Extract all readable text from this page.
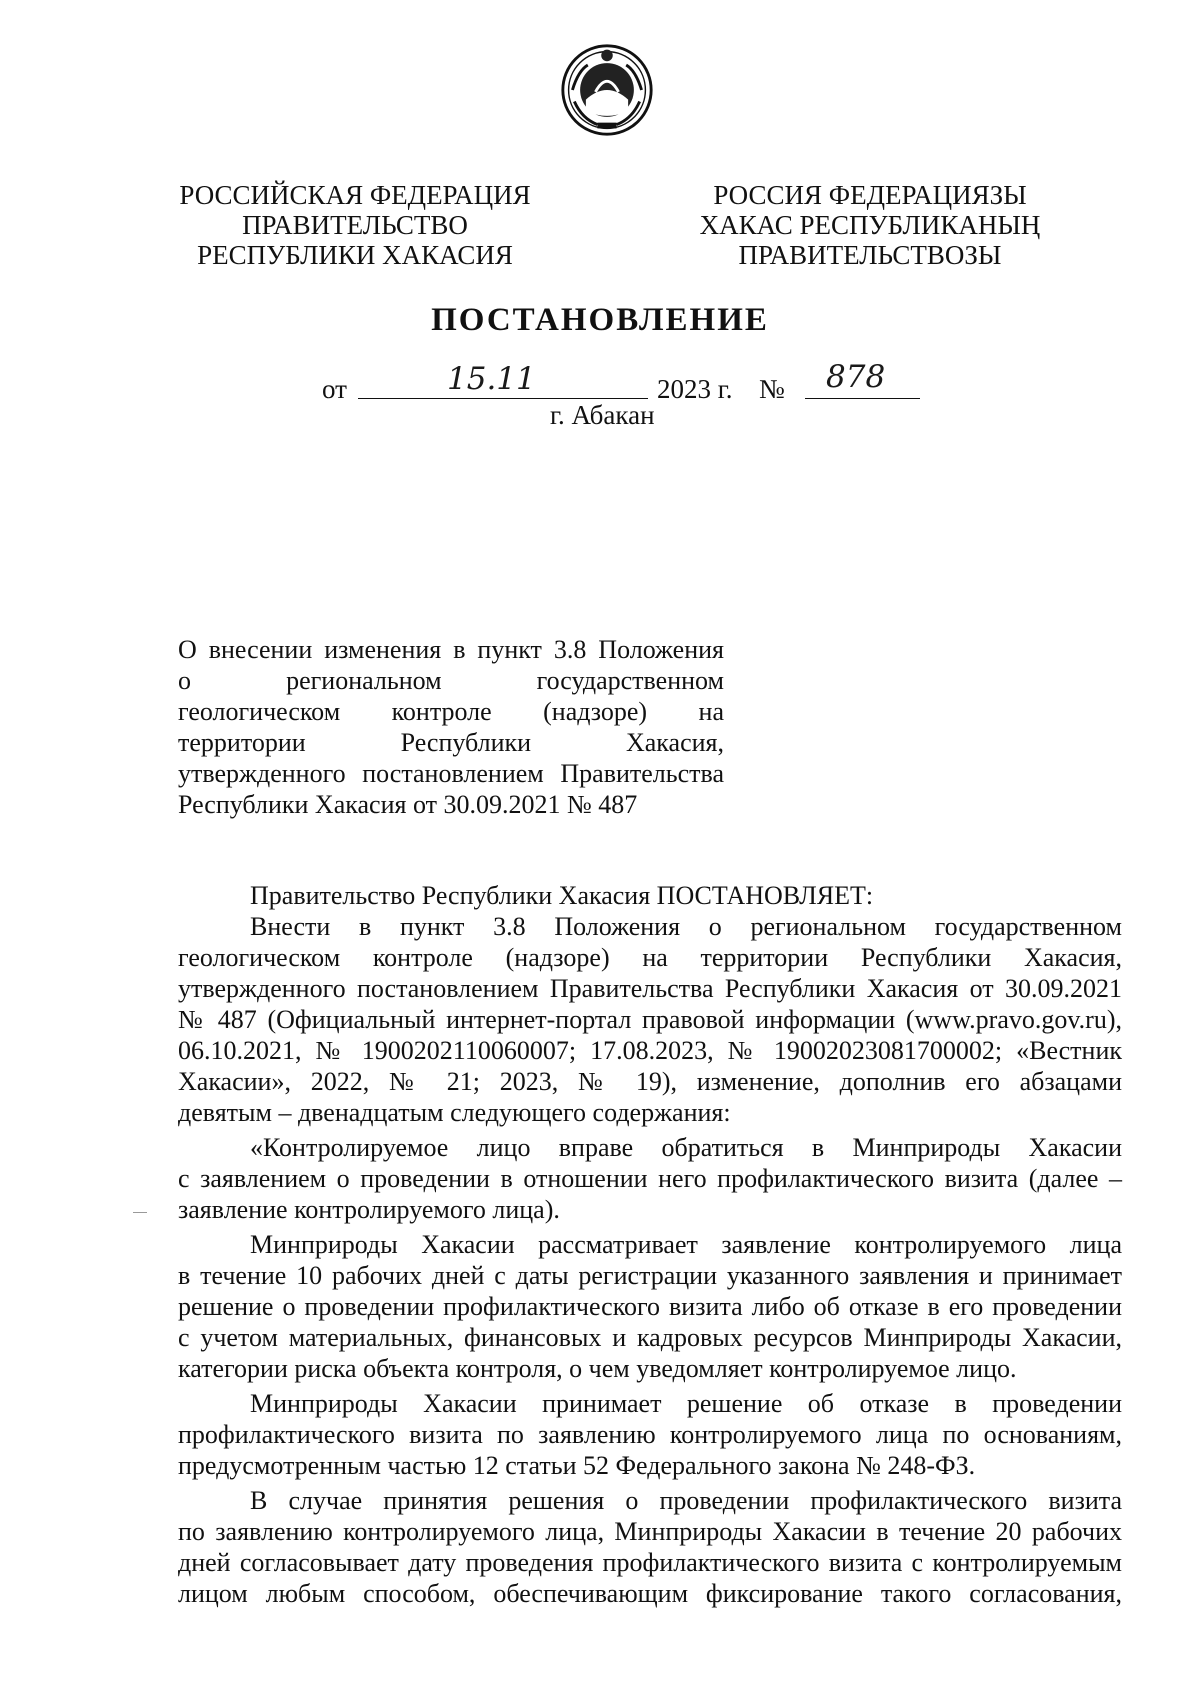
РОССИЙСКАЯ ФЕДЕРАЦИЯ
ПРАВИТЕЛЬСТВО
РЕСПУБЛИКИ ХАКАСИЯ
РОССИЯ ФЕДЕРАЦИЯЗЫ
ХАКАС РЕСПУБЛИКАНЫҢ
ПРАВИТЕЛЬСТВОЗЫ
ПОСТАНОВЛЕНИЕ
от	15.11	2023 г. № 878
г. Абакан
О внесении изменения в пункт 3.8 Положения
о региональном государственном
геологическом контроле (надзоре) на
территории Республики Хакасия,
утвержденного постановлением Правительства
Республики Хакасия от 30.09.2021 № 487

Правительство Республики Хакасия ПОСТАНОВЛЯЕТ:

Внести в пункт 3.8 Положения о региональном государственном
геологическом контроле (надзоре) на территории Республики Хакасия,
утвержденного постановлением Правительства Республики Хакасия от 30.09.2021
№ 487 (Официальный интернет-портал правовой информации (www.pravo.gov.ru),
06.10.2021, № 1900202110060007; 17.08.2023, № 19002023081700002; «Вестник
Хакасии», 2022, № 21; 2023, № 19), изменение, дополнив его абзацами
девятым – двенадцатым следующего содержания:
«Контролируемое лицо вправе обратиться в Минприроды Хакасии
с заявлением о проведении в отношении него профилактического визита (далее –
заявление контролируемого лица).
Минприроды Хакасии рассматривает заявление контролируемого лица
в течение 10 рабочих дней с даты регистрации указанного заявления и принимает
решение о проведении профилактического визита либо об отказе в его проведении
с учетом материальных, финансовых и кадровых ресурсов Минприроды Хакасии,
категории риска объекта контроля, о чем уведомляет контролируемое лицо.
Минприроды Хакасии принимает решение об отказе в проведении
профилактического визита по заявлению контролируемого лица по основаниям,
предусмотренным частью 12 статьи 52 Федерального закона № 248-ФЗ.
В случае принятия решения о проведении профилактического визита
по заявлению контролируемого лица, Минприроды Хакасии в течение 20 рабочих
дней согласовывает дату проведения профилактического визита с контролируемым
лицом любым способом, обеспечивающим фиксирование такого согласования,
